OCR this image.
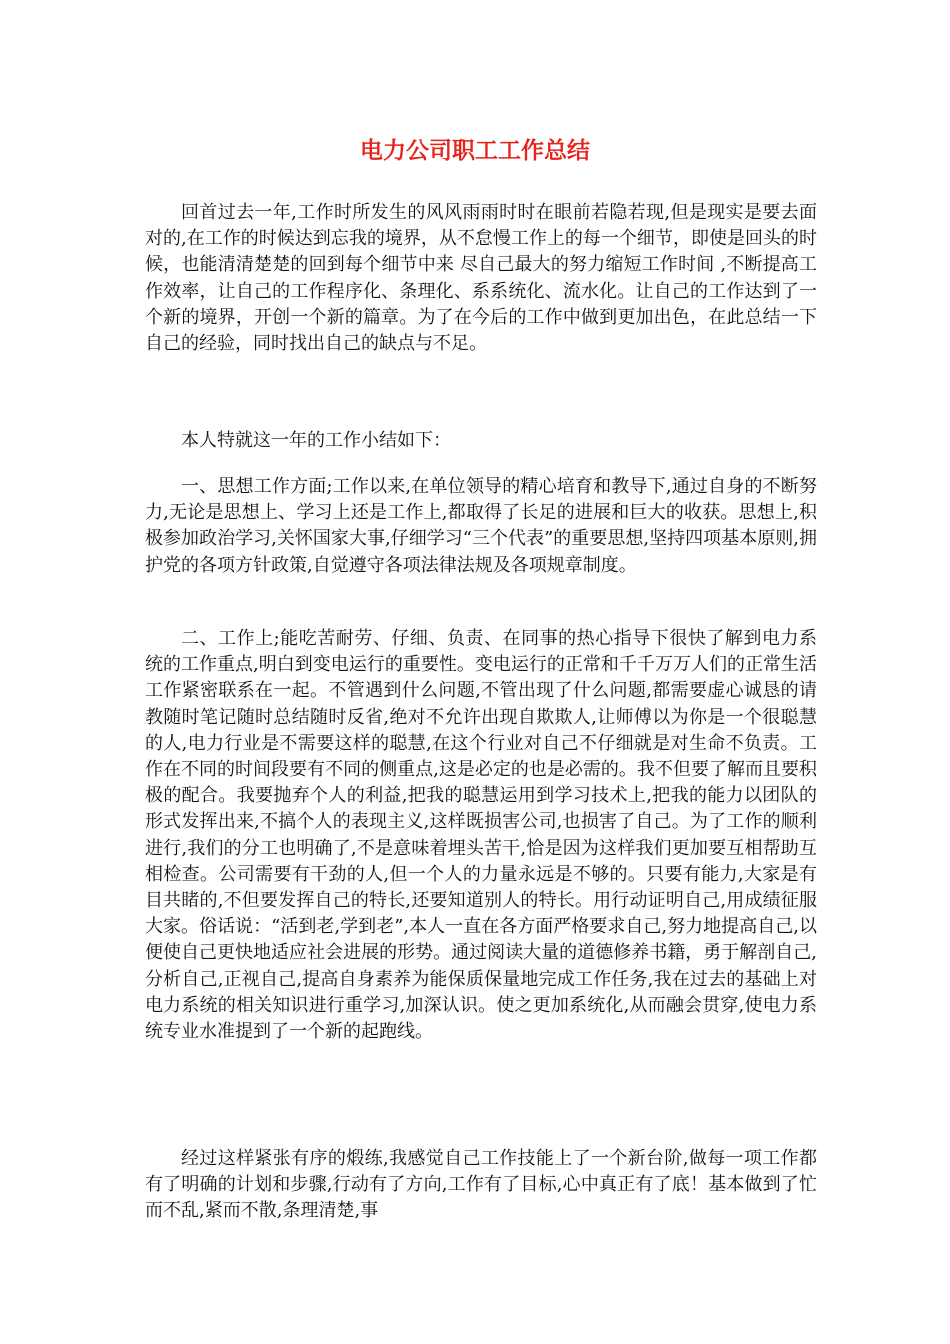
电力公司职工工作总结

回首过去一年,工作时所发生的风风雨雨时时在眼前若隐若现,但是现实是要去面对的,在工作的时候达到忘我的境界，从不怠慢工作上的每一个细节，即使是回头的时候，也能清清楚楚的回到每个细节中来 尽自己最大的努力缩短工作时间 ,不断提高工作效率，让自己的工作程序化、条理化、系系统化、流水化。让自己的工作达到了一个新的境界，开创一个新的篇章。为了在今后的工作中做到更加出色，在此总结一下自己的经验，同时找出自己的缺点与不足。

本人特就这一年的工作小结如下：

一、思想工作方面;工作以来,在单位领导的精心培育和教导下,通过自身的不断努力,无论是思想上、学习上还是工作上,都取得了长足的进展和巨大的收获。思想上,积极参加政治学习,关怀国家大事,仔细学习“三个代表”的重要思想,坚持四项基本原则,拥护党的各项方针政策,自觉遵守各项法律法规及各项规章制度。

二、工作上;能吃苦耐劳、仔细、负责、在同事的热心指导下很快了解到电力系统的工作重点,明白到变电运行的重要性。变电运行的正常和千千万万人们的正常生活工作紧密联系在一起。不管遇到什么问题,不管出现了什么问题,都需要虚心诚恳的请教随时笔记随时总结随时反省,绝对不允许出现自欺欺人,让师傅以为你是一个很聪慧的人,电力行业是不需要这样的聪慧,在这个行业对自己不仔细就是对生命不负责。工作在不同的时间段要有不同的侧重点,这是必定的也是必需的。我不但要了解而且要积极的配合。我要抛弃个人的利益,把我的聪慧运用到学习技术上,把我的能力以团队的形式发挥出来,不搞个人的表现主义,这样既损害公司,也损害了自己。为了工作的顺利进行,我们的分工也明确了,不是意味着埋头苦干,恰是因为这样我们更加要互相帮助互相检查。公司需要有干劲的人,但一个人的力量永远是不够的。只要有能力,大家是有目共睹的,不但要发挥自己的特长,还要知道别人的特长。用行动证明自己,用成绩征服大家。俗话说：“活到老,学到老”,本人一直在各方面严格要求自己,努力地提高自己,以便使自己更快地适应社会进展的形势。通过阅读大量的道德修养书籍，勇于解剖自己,分析自己,正视自己,提高自身素养为能保质保量地完成工作任务,我在过去的基础上对电力系统的相关知识进行重学习,加深认识。使之更加系统化,从而融会贯穿,使电力系统专业水准提到了一个新的起跑线。

经过这样紧张有序的煅练,我感觉自己工作技能上了一个新台阶,做每一项工作都有了明确的计划和步骤,行动有了方向,工作有了目标,心中真正有了底！基本做到了忙而不乱,紧而不散,条理清楚,事
